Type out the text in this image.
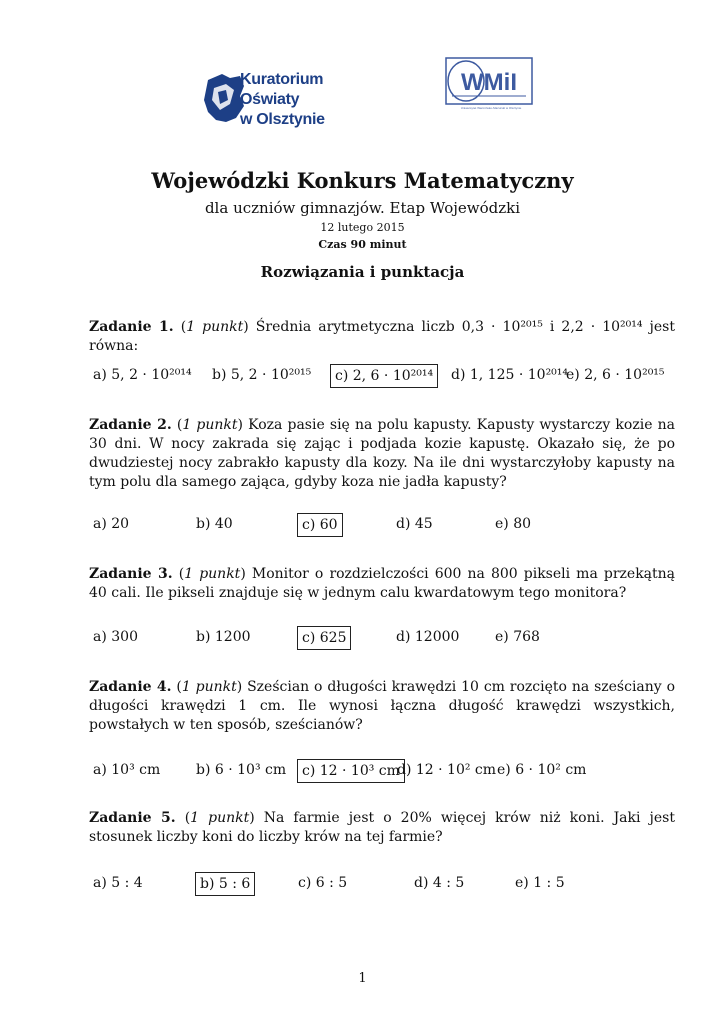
Kuratorium Oświaty
w Olsztynie
WMiI
Uniwersytet Warmińsko-Mazurski w Olsztynie
Wojewódzki Konkurs Matematyczny
dla uczniów gimnazjów. Etap Wojewódzki
12 lutego 2015
Czas 90 minut
Rozwiązania i punktacja
Zadanie 1. (1 punkt) Średnia arytmetyczna liczb 0,3 · 10²⁰¹⁵ i 2,2 · 10²⁰¹⁴ jest równa:
a) 5, 2 · 10²⁰¹⁴ b) 5, 2 · 10²⁰¹⁵	c) 2, 6 · 10²⁰¹⁴	d) 1, 125 · 10²⁰¹⁴
e) 2, 6 · 10²⁰¹⁵
Zadanie 2. (1 punkt) Koza pasie się na polu kapusty. Kapusty wystarczy kozie na 30 dni. W nocy zakrada się zając i podjada kozie kapustę. Okazało się, że po dwudziestej nocy zabrakło kapusty dla kozy. Na ile dni wystarczyłoby kapusty na tym polu dla samego zająca, gdyby koza nie jadła kapusty?
a) 20	b) 40	c) 60	d) 45	e) 80
Zadanie 3. (1 punkt) Monitor o rozdzielczości 600 na 800 pikseli ma przekątną 40 cali. Ile pikseli znajduje się w jednym calu kwardatowym tego monitora?
a) 300	b) 1200	c) 625	d) 12000	e) 768
Zadanie 4. (1 punkt) Sześcian o długości krawędzi 10 cm rozcięto na sześciany o długości krawędzi 1 cm. Ile wynosi łączna długość krawędzi wszystkich, powstałych w ten sposób, sześcianów?
a) 10³ cm	b) 6 · 10³ cm	c) 12 · 10³ cm
d) 12 · 10² cm e) 6 · 10² cm
Zadanie 5. (1 punkt) Na farmie jest o 20% więcej krów niż koni. Jaki jest stosunek liczby koni do liczby krów na tej farmie?
a) 5 : 4	b) 5 : 6	c) 6 : 5	d) 4 : 5	e) 1 : 5
1
